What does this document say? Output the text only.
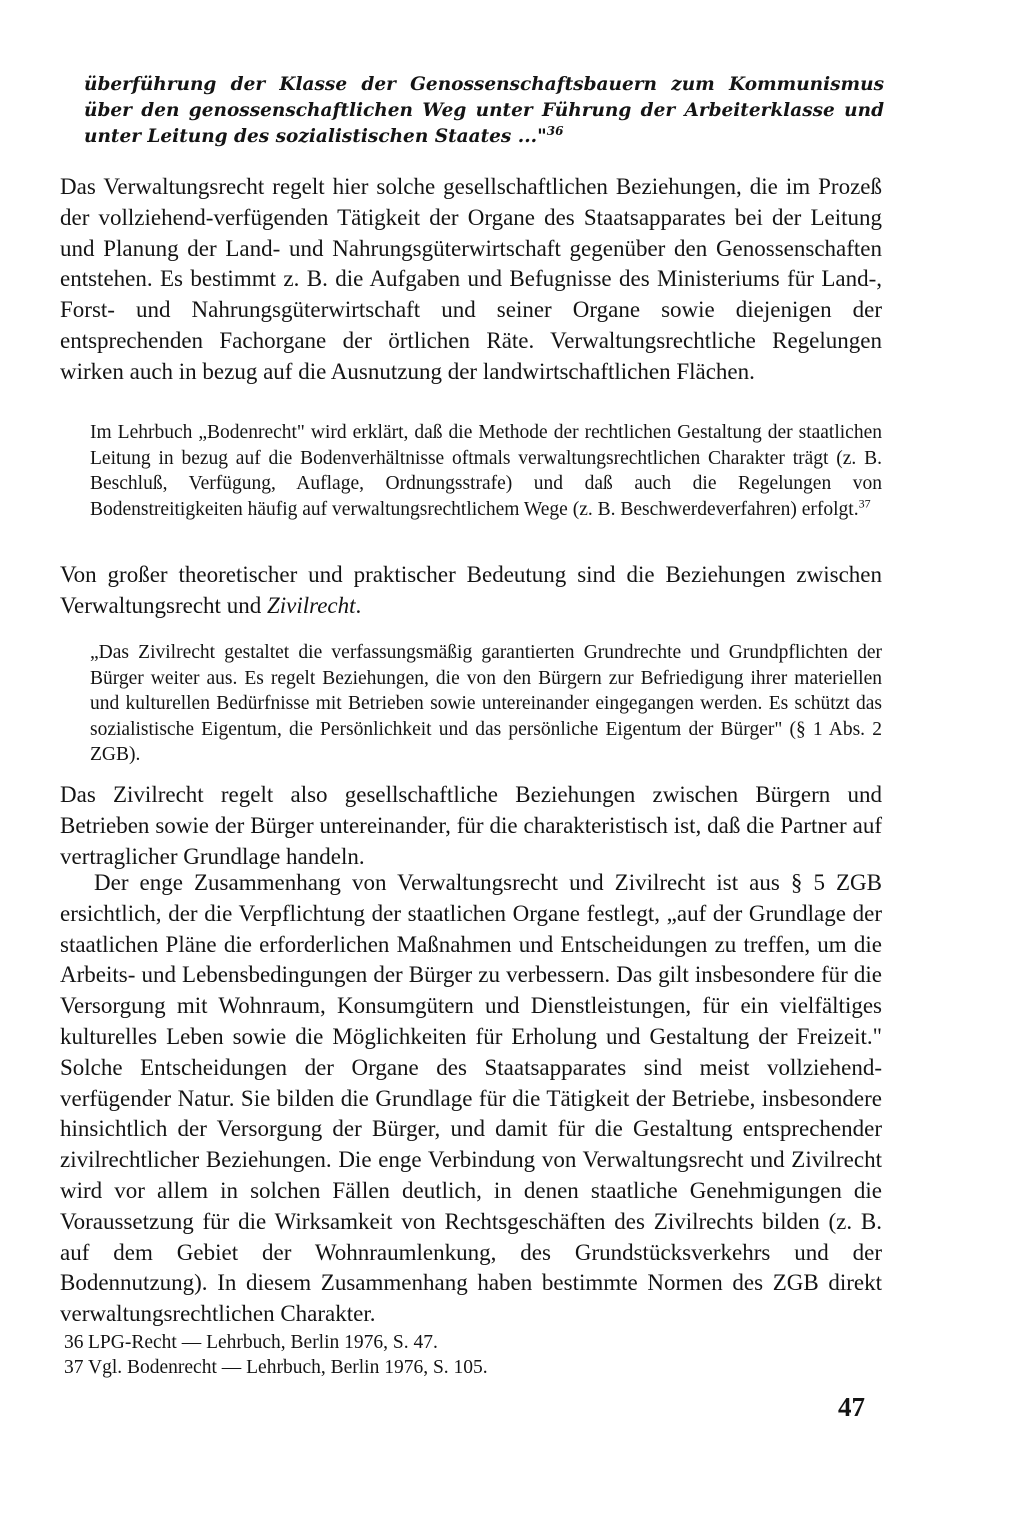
überführung der Klasse der Genossenschaftsbauern zum Kommunismus über den genossenschaftlichen Weg unter Führung der Arbeiterklasse und unter Leitung des sozialistischen Staates ..."$^{36}$
Das Verwaltungsrecht regelt hier solche gesellschaftlichen Beziehungen, die im Prozeß der vollziehend-verfügenden Tätigkeit der Organe des Staatsapparates bei der Leitung und Planung der Land- und Nahrungsgüterwirtschaft gegenüber den Genossenschaften entstehen. Es bestimmt z. B. die Aufgaben und Befugnisse des Ministeriums für Land-, Forst- und Nahrungsgüterwirtschaft und seiner Organe sowie diejenigen der entsprechenden Fachorgane der örtlichen Räte. Verwaltungsrechtliche Regelungen wirken auch in bezug auf die Ausnutzung der landwirtschaftlichen Flächen.
Im Lehrbuch „Bodenrecht" wird erklärt, daß die Methode der rechtlichen Gestaltung der staatlichen Leitung in bezug auf die Bodenverhältnisse oftmals verwaltungsrechtlichen Charakter trägt (z. B. Beschluß, Verfügung, Auflage, Ordnungsstrafe) und daß auch die Regelungen von Bodenstreitigkeiten häufig auf verwaltungsrechtlichem Wege (z. B. Beschwerdeverfahren) erfolgt.$^{37}$
Von großer theoretischer und praktischer Bedeutung sind die Beziehungen zwischen Verwaltungsrecht und Zivilrecht.
„Das Zivilrecht gestaltet die verfassungsmäßig garantierten Grundrechte und Grundpflichten der Bürger weiter aus. Es regelt Beziehungen, die von den Bürgern zur Befriedigung ihrer materiellen und kulturellen Bedürfnisse mit Betrieben sowie untereinander eingegangen werden. Es schützt das sozialistische Eigentum, die Persönlichkeit und das persönliche Eigentum der Bürger" (§ 1 Abs. 2 ZGB).
Das Zivilrecht regelt also gesellschaftliche Beziehungen zwischen Bürgern und Betrieben sowie der Bürger untereinander, für die charakteristisch ist, daß die Partner auf vertraglicher Grundlage handeln.
Der enge Zusammenhang von Verwaltungsrecht und Zivilrecht ist aus § 5 ZGB ersichtlich, der die Verpflichtung der staatlichen Organe festlegt, „auf der Grundlage der staatlichen Pläne die erforderlichen Maßnahmen und Entscheidungen zu treffen, um die Arbeits- und Lebensbedingungen der Bürger zu verbessern. Das gilt insbesondere für die Versorgung mit Wohnraum, Konsumgütern und Dienstleistungen, für ein vielfältiges kulturelles Leben sowie die Möglichkeiten für Erholung und Gestaltung der Freizeit." Solche Entscheidungen der Organe des Staatsapparates sind meist vollziehend-verfügender Natur. Sie bilden die Grundlage für die Tätigkeit der Betriebe, insbesondere hinsichtlich der Versorgung der Bürger, und damit für die Gestaltung entsprechender zivilrechtlicher Beziehungen. Die enge Verbindung von Verwaltungsrecht und Zivilrecht wird vor allem in solchen Fällen deutlich, in denen staatliche Genehmigungen die Voraussetzung für die Wirksamkeit von Rechtsgeschäften des Zivilrechts bilden (z. B. auf dem Gebiet der Wohnraumlenkung, des Grundstücksverkehrs und der Bodennutzung). In diesem Zusammenhang haben bestimmte Normen des ZGB direkt verwaltungsrechtlichen Charakter.
36 LPG-Recht — Lehrbuch, Berlin 1976, S. 47.
37 Vgl. Bodenrecht — Lehrbuch, Berlin 1976, S. 105.
47
